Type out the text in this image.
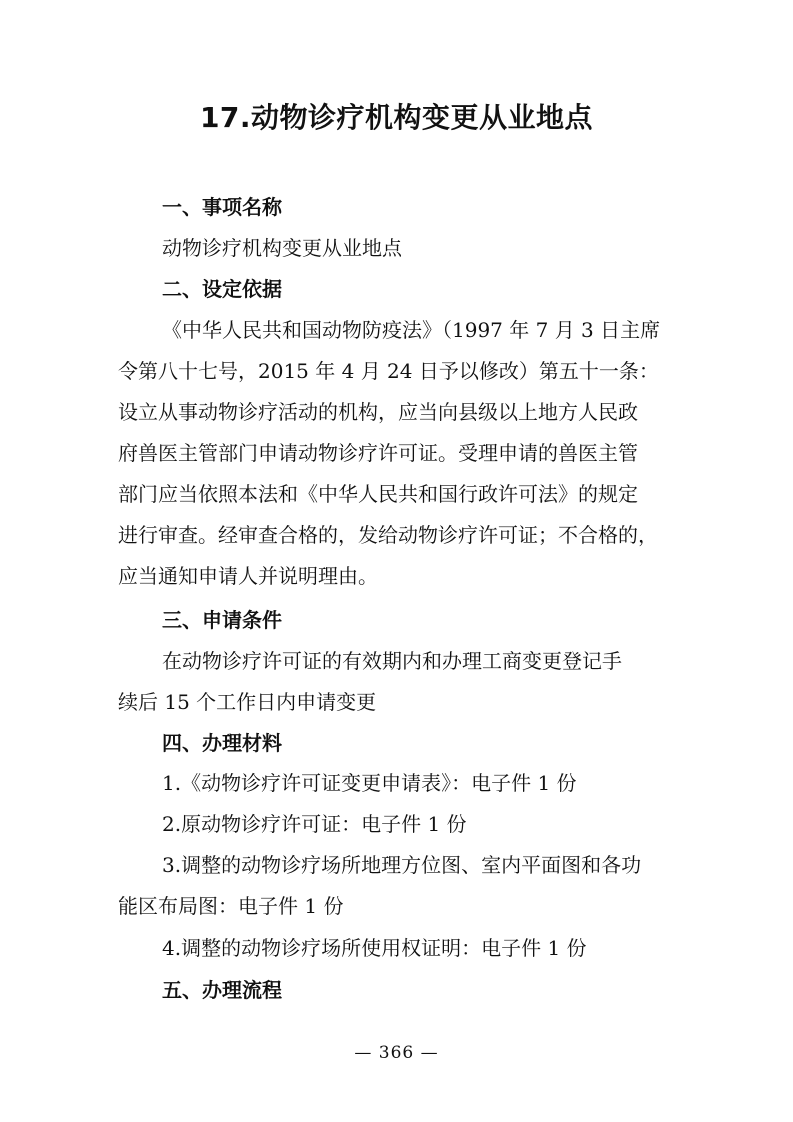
17.动物诊疗机构变更从业地点
一、事项名称
动物诊疗机构变更从业地点
二、设定依据
《中华人民共和国动物防疫法》（1997 年 7 月 3 日主席
令第八十七号，2015 年 4 月 24 日予以修改）第五十一条：
设立从事动物诊疗活动的机构，应当向县级以上地方人民政
府兽医主管部门申请动物诊疗许可证。受理申请的兽医主管
部门应当依照本法和《中华人民共和国行政许可法》的规定
进行审查。经审查合格的，发给动物诊疗许可证；不合格的，
应当通知申请人并说明理由。
三、申请条件
在动物诊疗许可证的有效期内和办理工商变更登记手
续后 15 个工作日内申请变更
四、办理材料

1.《动物诊疗许可证变更申请表》：电子件 1 份

2.原动物诊疗许可证：电子件 1 份

3.调整的动物诊疗场所地理方位图、室内平面图和各功
能区布局图：电子件 1 份

4.调整的动物诊疗场所使用权证明：电子件 1 份

五、办理流程
— 366 —
